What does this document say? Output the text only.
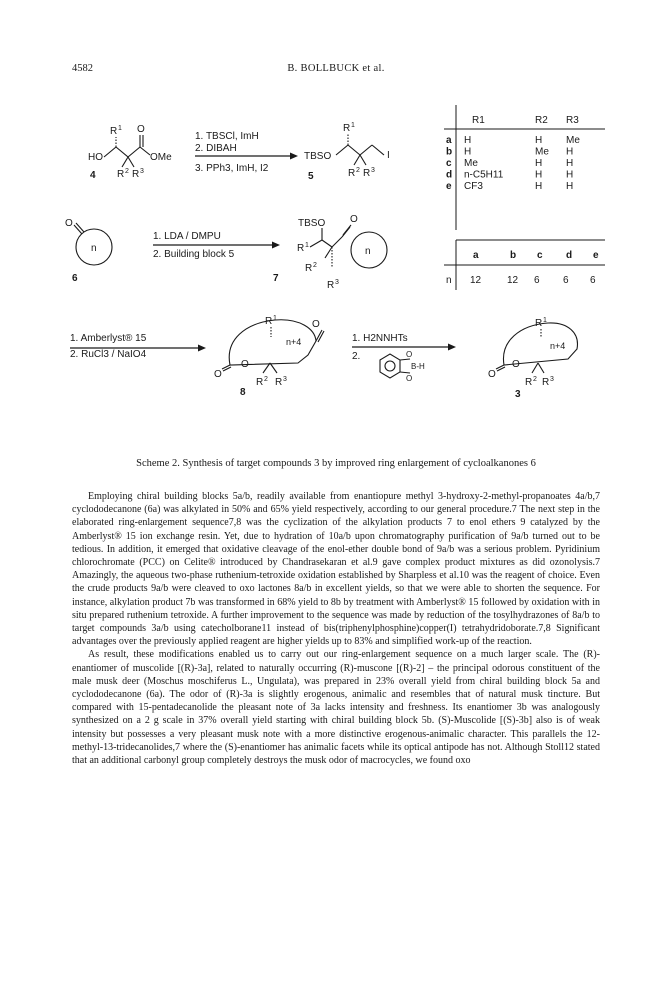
4582	B. BOLLBUCK et al.
HO
R 1 O
OMe
R 2 R 3
4
1. TBSCl, ImH
2. DIBAH
3. PPh3, ImH, I2
TBSO
R 1
I
R 2 R 3
5
R1	R2 R3
a H	H Me
b H	Me H
c Me	H H
d n-C5H11	H H
e CF3	H H
O
n
6
1. LDA / DMPU
2. Building block 5
TBSO O
R 1
R 2
R 3
n
7
a	b c d e
n 12	12 6 6 6
1. Amberlyst® 15
2. RuCl3 / NaIO4
R 1
n+4
O
O
O
R 2 R 3
8
1. H2NNHTs
2.	O
B-H
O
R 1
n+4
O
O
R 2 R 3
3
Scheme 2. Synthesis of target compounds 3 by improved ring enlargement of cycloalkanones 6

Employing chiral building blocks 5a/b, readily available from enantiopure methyl 3-hydroxy-2-methyl-propanoates 4a/b,7 cyclododecanone (6a) was alkylated in 50% and 65% yield respectively, according to our general procedure.7 The next step in the elaborated ring-enlargement sequence7,8 was the cyclization of the alkylation products 7 to enol ethers 9 catalyzed by the Amberlyst® 15 ion exchange resin. Yet, due to hydration of 10a/b upon chromatography purification of 9a/b turned out to be tedious. In addition, it emerged that oxidative cleavage of the enol-ether double bond of 9a/b was a serious problem. Pyridinium chlorochromate (PCC) on Celite® introduced by Chandrasekaran et al.9 gave complex product mixtures as did ozonolysis.7 Amazingly, the aqueous two-phase ruthenium-tetroxide oxidation established by Sharpless et al.10 was the reagent of choice. Even the crude products 9a/b were cleaved to oxo lactones 8a/b in excellent yields, so that we were able to shorten the sequence. For instance, alkylation product 7b was transformed in 68% yield to 8b by treatment with Amberlyst® 15 followed by oxidation with in situ prepared ruthenium tetroxide. A further improvement to the sequence was made by reduction of the tosylhydrazones of 8a/b to target compounds 3a/b using catecholborane11 instead of bis(triphenylphosphine)copper(I) tetrahydridoborate.7,8 Significant advantages over the previously applied reagent are higher yields up to 83% and simplified work-up of the reaction.

As result, these modifications enabled us to carry out our ring-enlargement sequence on a much larger scale. The (R)-enantiomer of muscolide [(R)-3a], related to naturally occurring (R)-muscone [(R)-2] – the principal odorous constituent of the male musk deer (Moschus moschiferus L., Ungulata), was prepared in 23% overall yield from chiral building block 5a and cyclododecanone (6a). The odor of (R)-3a is slightly erogenous, animalic and resembles that of natural musk tincture. But compared with 15-pentadecanolide the pleasant note of 3a lacks intensity and freshness. Its enantiomer 3b was analogously synthesized on a 2 g scale in 37% overall yield starting with chiral building block 5b. (S)-Muscolide [(S)-3b] also is of weak intensity but possesses a very pleasant musk note with a more distinctive erogenous-animalic character. This parallels the 12-methyl-13-tridecanolides,7 where the (S)-enantiomer has animalic facets while its optical antipode has not. Although Stoll12 stated that an additional carbonyl group completely destroys the musk odor of macrocycles, we found oxo
